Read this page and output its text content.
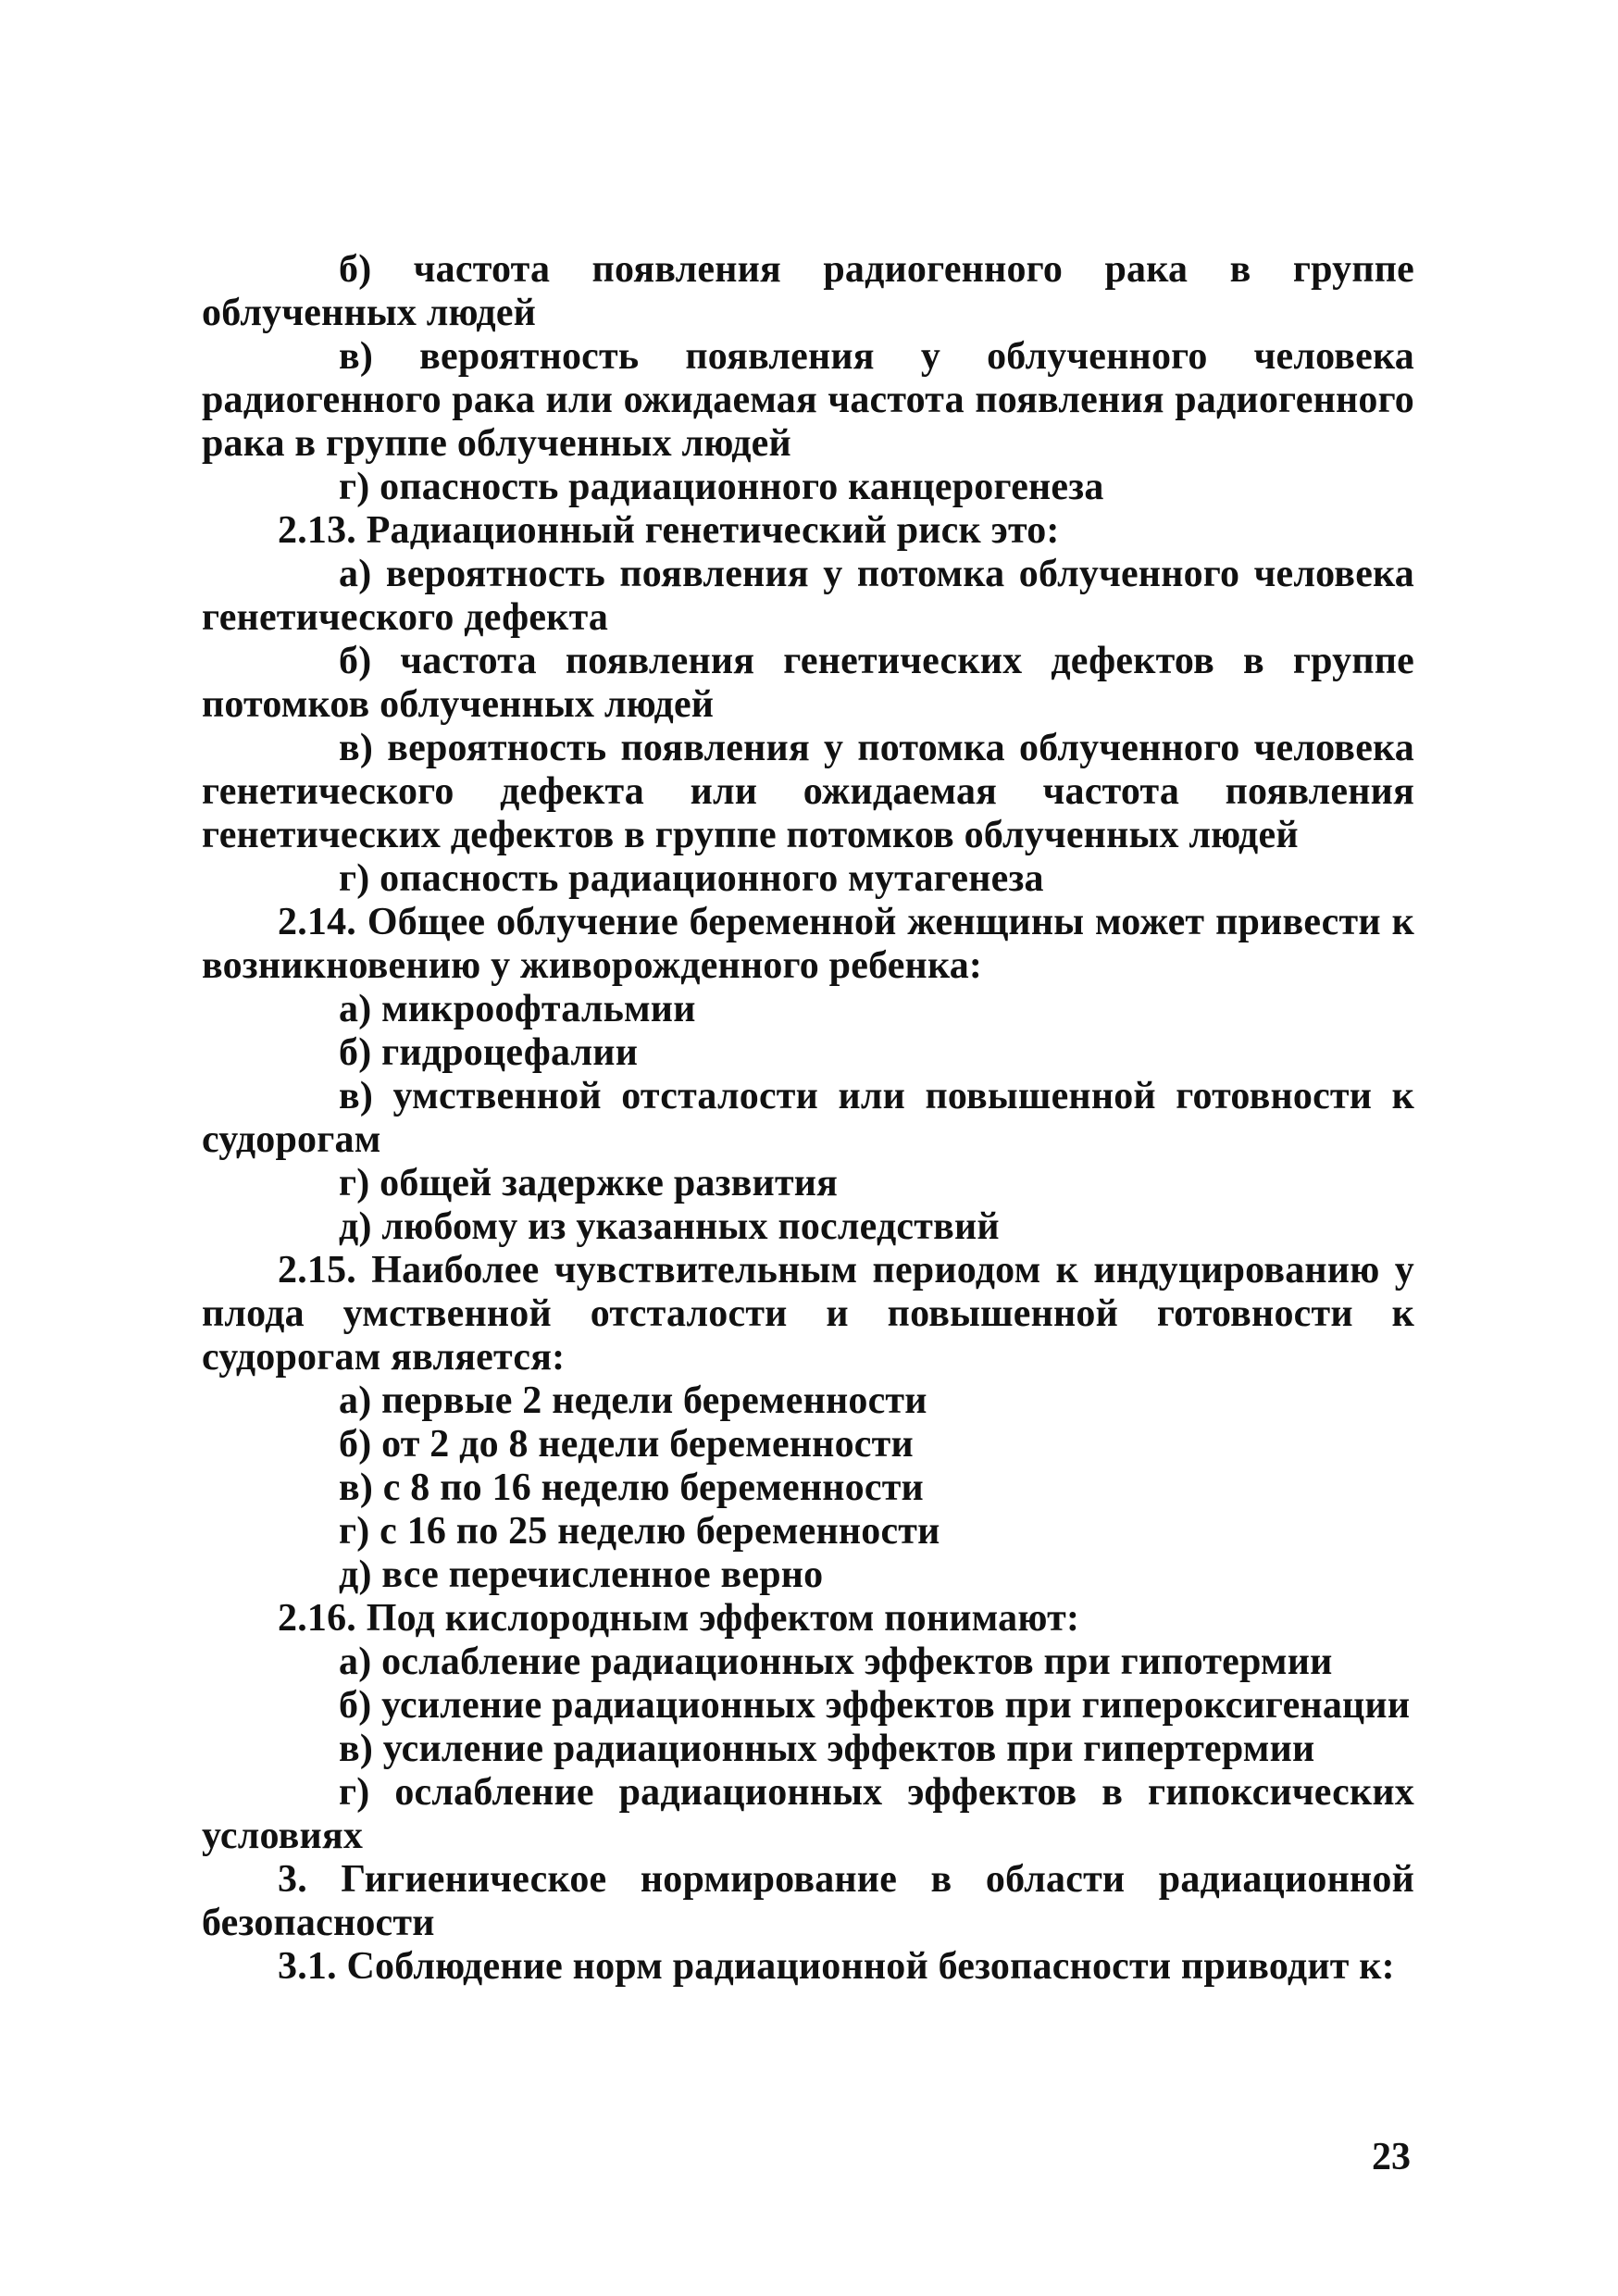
б) частота появления радиогенного рака в группе облученных людей

в) вероятность появления у облученного человека радиогенного рака или ожидаемая частота появления радиогенного рака в группе облученных людей

г) опасность радиационного канцерогенеза

2.13. Радиационный генетический риск это:

а) вероятность появления у потомка облученного человека генетического дефекта

б) частота появления генетических дефектов в группе потомков облученных людей

в) вероятность появления у потомка облученного человека генетического дефекта или ожидаемая частота появления генетических дефектов в группе потомков облученных людей

г) опасность радиационного мутагенеза

2.14. Общее облучение беременной женщины может привести к возникновению у живорожденного ребенка:

а) микроофтальмии

б) гидроцефалии

в) умственной отсталости или повышенной готовности к судорогам

г) общей задержке развития

д) любому из указанных последствий

2.15. Наиболее чувствительным периодом к индуцированию у плода умственной отсталости и повышенной готовности к судорогам является:

а) первые 2 недели беременности

б) от 2 до 8 недели беременности

в) с 8 по 16 неделю беременности

г) с 16 по 25 неделю беременности

д) все перечисленное верно

2.16. Под кислородным эффектом понимают:

а) ослабление радиационных эффектов при гипотермии

б) усиление радиационных эффектов при гипероксигенации

в) усиление радиационных эффектов при гипертермии

г) ослабление радиационных эффектов в гипоксических условиях

3. Гигиеническое нормирование в области радиационной безопасности

3.1. Соблюдение норм радиационной безопасности приводит к:

23
